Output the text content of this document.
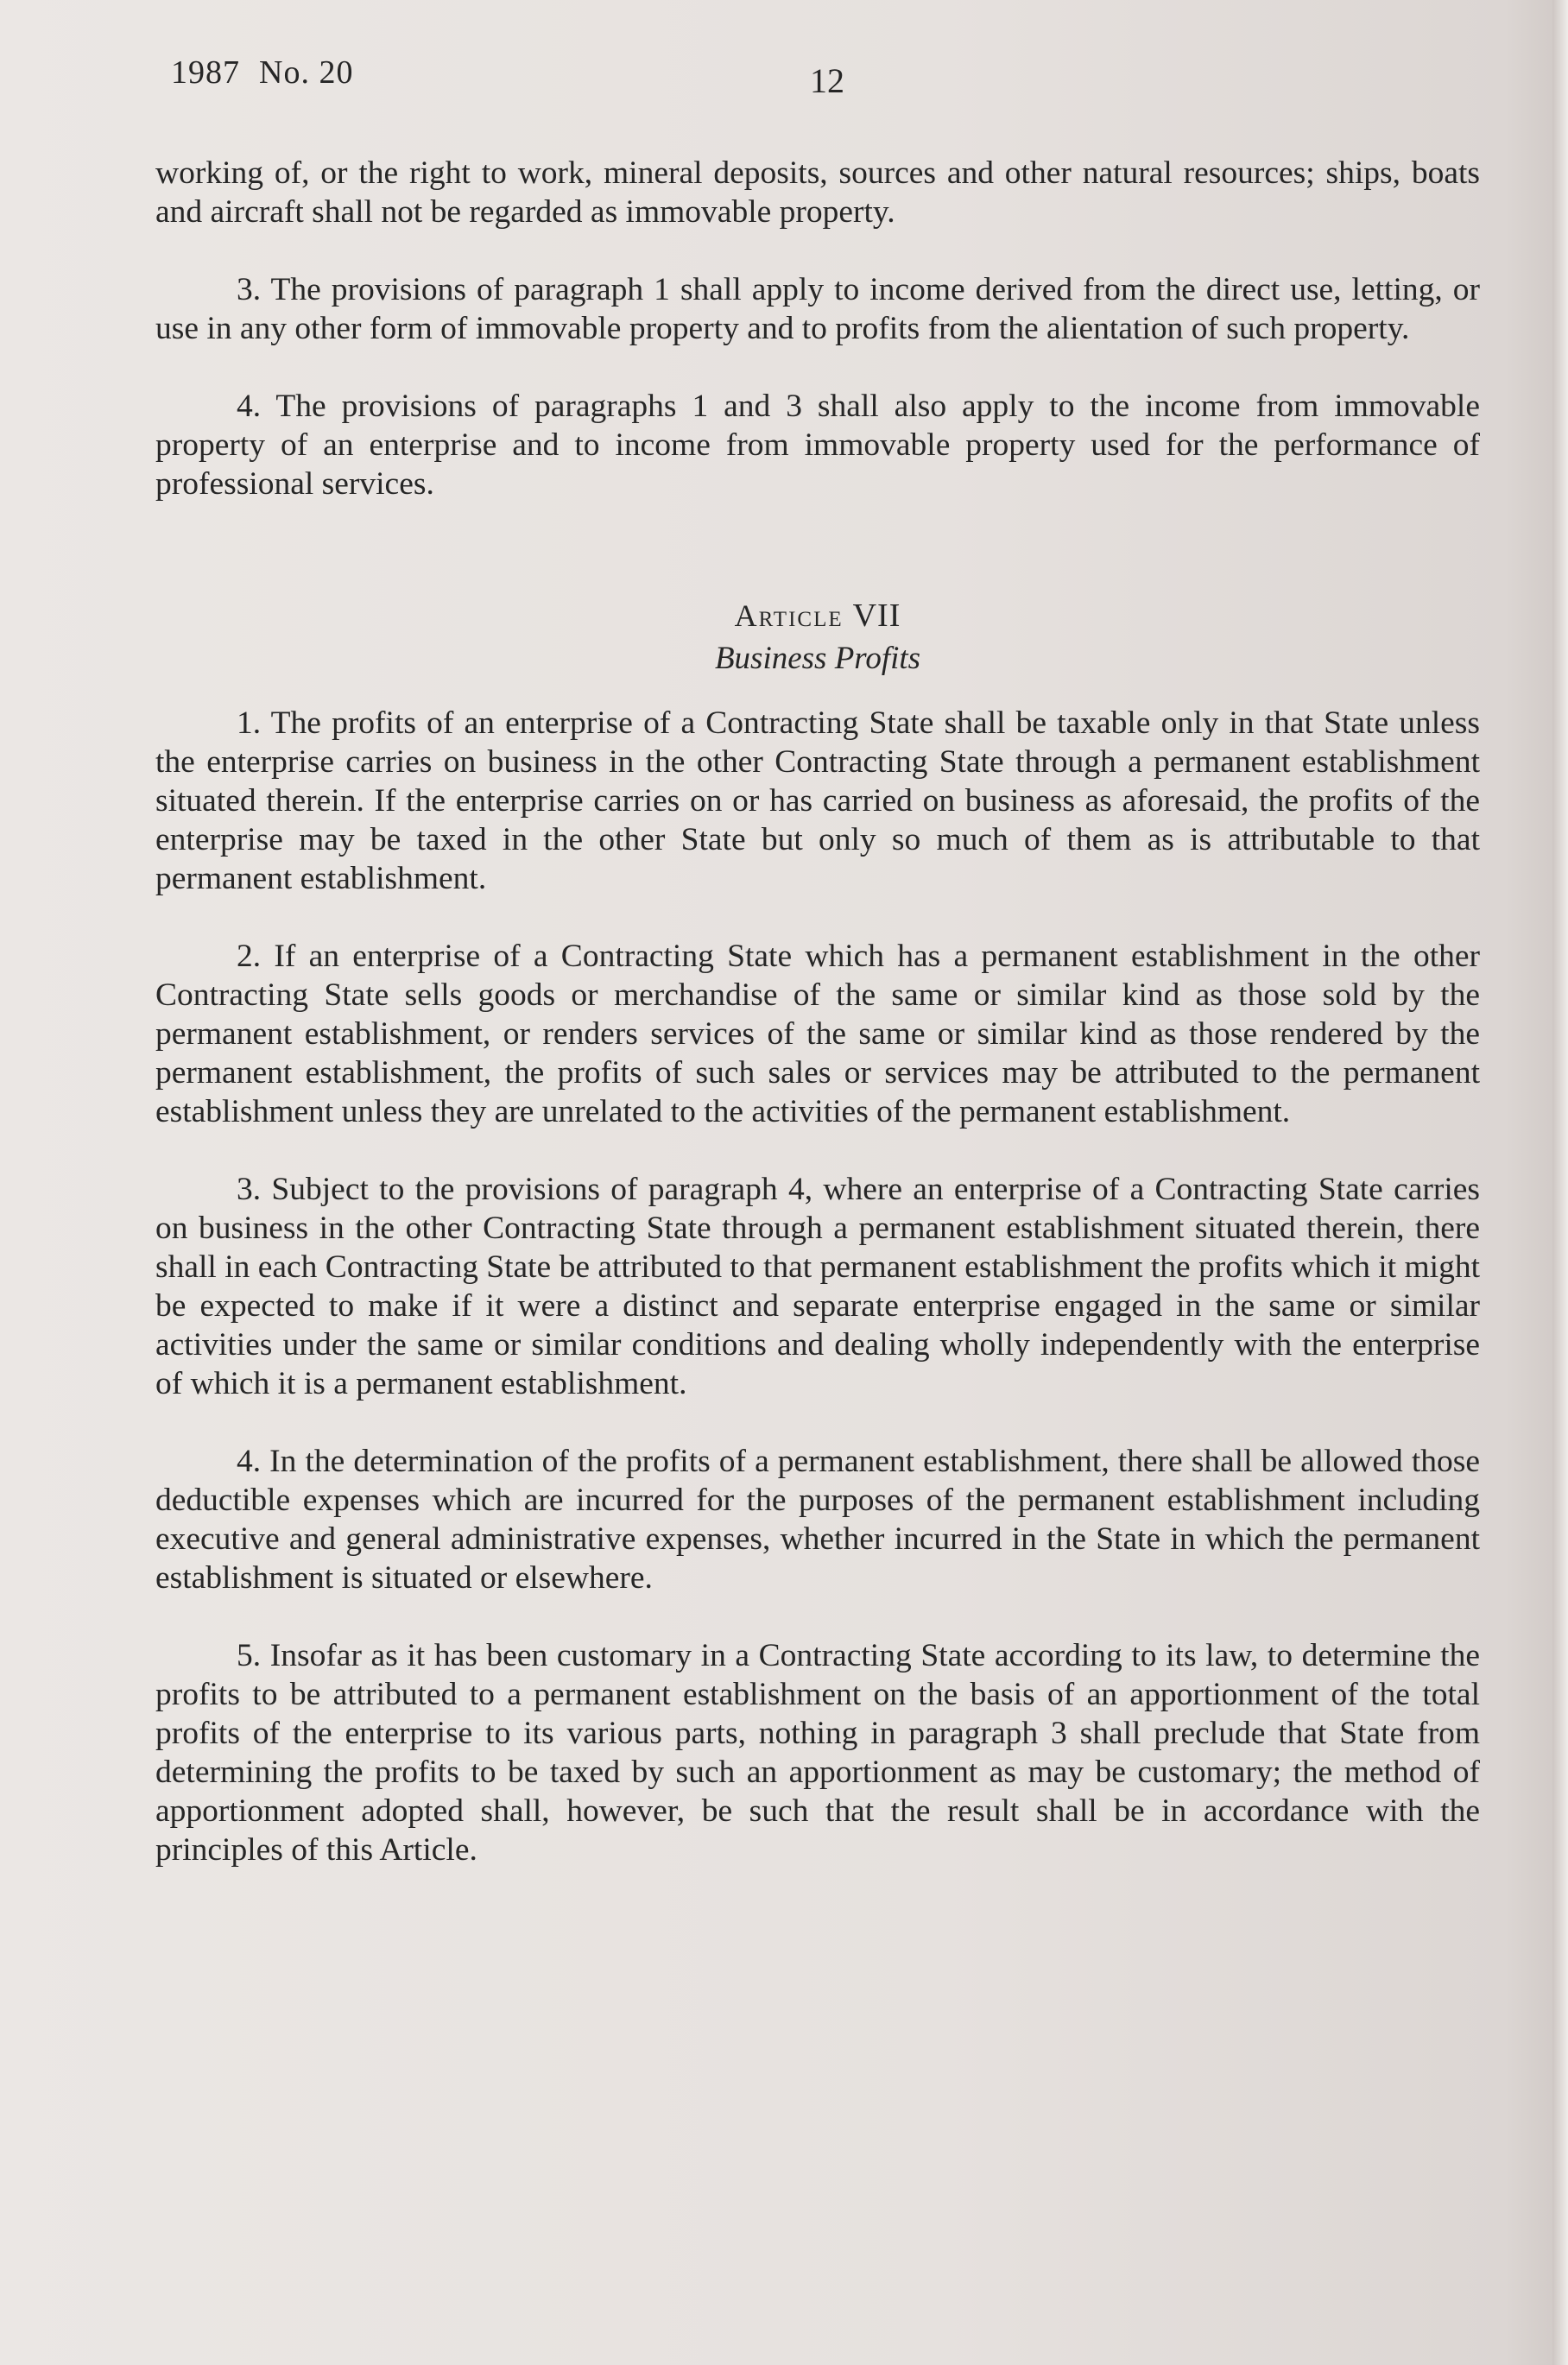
1987 No. 20	12

working of, or the right to work, mineral deposits, sources and other natural resources; ships, boats and aircraft shall not be regarded as immovable property.

3. The provisions of paragraph 1 shall apply to income derived from the direct use, letting, or use in any other form of immovable property and to profits from the alientation of such property.

4. The provisions of paragraphs 1 and 3 shall also apply to the income from immovable property of an enterprise and to income from immovable property used for the performance of professional services.

Article VII
Business Profits

1. The profits of an enterprise of a Contracting State shall be taxable only in that State unless the enterprise carries on business in the other Contracting State through a permanent establishment situated therein. If the enterprise carries on or has carried on business as aforesaid, the profits of the enterprise may be taxed in the other State but only so much of them as is attributable to that permanent establishment.

2. If an enterprise of a Contracting State which has a permanent establishment in the other Contracting State sells goods or merchandise of the same or similar kind as those sold by the permanent establishment, or renders services of the same or similar kind as those rendered by the permanent establishment, the profits of such sales or services may be attributed to the permanent establishment unless they are unrelated to the activities of the permanent establishment.

3. Subject to the provisions of paragraph 4, where an enterprise of a Contracting State carries on business in the other Contracting State through a permanent establishment situated therein, there shall in each Contracting State be attributed to that permanent establishment the profits which it might be expected to make if it were a distinct and separate enterprise engaged in the same or similar activities under the same or similar conditions and dealing wholly independently with the enterprise of which it is a permanent establishment.

4. In the determination of the profits of a permanent establishment, there shall be allowed those deductible expenses which are incurred for the purposes of the permanent establishment including executive and general administrative expenses, whether incurred in the State in which the permanent establishment is situated or elsewhere.

5. Insofar as it has been customary in a Contracting State according to its law, to determine the profits to be attributed to a permanent establishment on the basis of an apportionment of the total profits of the enterprise to its various parts, nothing in paragraph 3 shall preclude that State from determining the profits to be taxed by such an apportionment as may be customary; the method of apportionment adopted shall, however, be such that the result shall be in accordance with the principles of this Article.
